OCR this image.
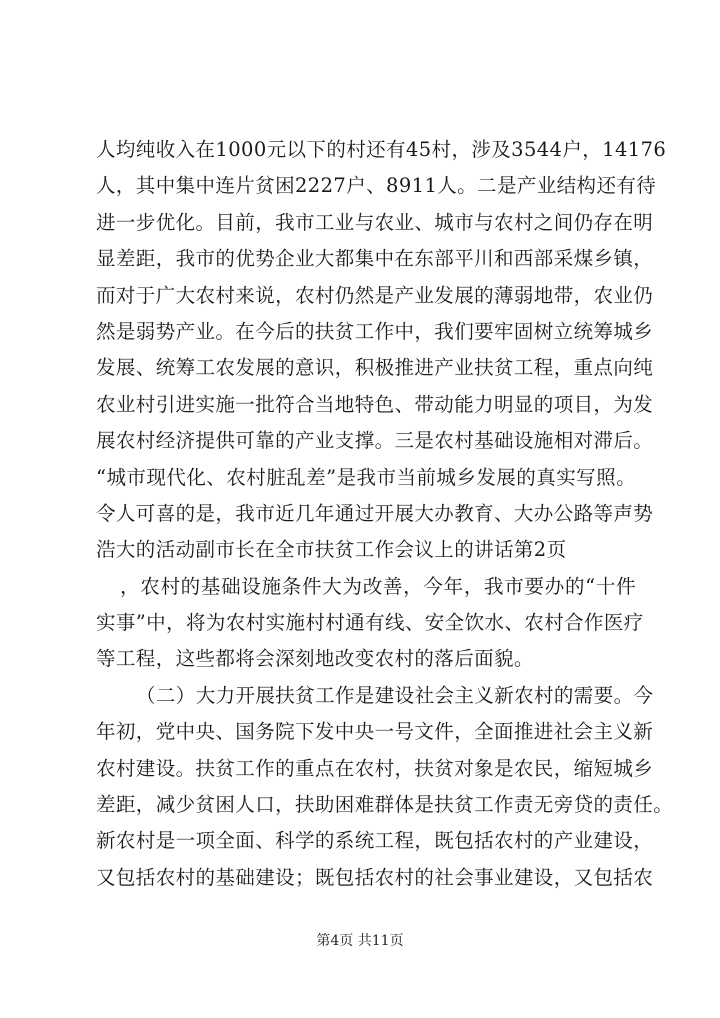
人均纯收入在1000元以下的村还有45村，涉及3544户，14176
人，其中集中连片贫困2227户、8911人。二是产业结构还有待
进一步优化。目前，我市工业与农业、城市与农村之间仍存在明
显差距，我市的优势企业大都集中在东部平川和西部采煤乡镇，
而对于广大农村来说，农村仍然是产业发展的薄弱地带，农业仍
然是弱势产业。在今后的扶贫工作中，我们要牢固树立统筹城乡
发展、统筹工农发展的意识，积极推进产业扶贫工程，重点向纯
农业村引进实施一批符合当地特色、带动能力明显的项目，为发
展农村经济提供可靠的产业支撑。三是农村基础设施相对滞后。
“城市现代化、农村脏乱差”是我市当前城乡发展的真实写照。
令人可喜的是，我市近几年通过开展大办教育、大办公路等声势
浩大的活动副市长在全市扶贫工作会议上的讲话第2页
，农村的基础设施条件大为改善，今年，我市要办的“十件
实事”中，将为农村实施村村通有线、安全饮水、农村合作医疗
等工程，这些都将会深刻地改变农村的落后面貌。
（二）大力开展扶贫工作是建设社会主义新农村的需要。今
年初，党中央、国务院下发中央一号文件，全面推进社会主义新
农村建设。扶贫工作的重点在农村，扶贫对象是农民，缩短城乡
差距，减少贫困人口，扶助困难群体是扶贫工作责无旁贷的责任。
新农村是一项全面、科学的系统工程，既包括农村的产业建设，
又包括农村的基础建设；既包括农村的社会事业建设，又包括农
第4页 共11页
